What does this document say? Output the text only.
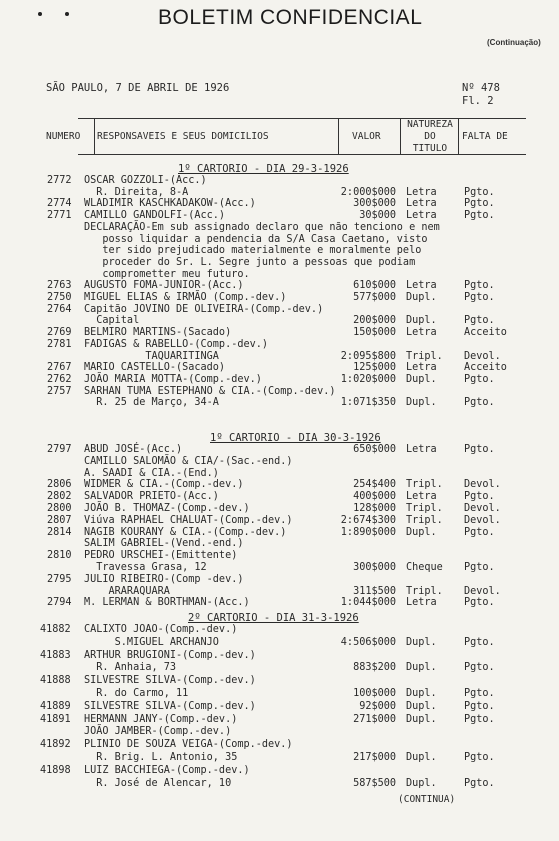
BOLETIM CONFIDENCIAL
(Continuação)
SÃO PAULO, 7 DE ABRIL DE 1926	Nº 478
Fl. 2
NUMERO RESPONSAVEIS E SEUS DOMICILIOS	VALOR
NATUREZA
DO
TITULO
FALTA DE
1º CARTORIO - DIA 29-3-1926
2772 OSCAR GOZZOLI-(Acc.)
R. Direita, 8-A	2:000$000 Letra	Pgto.
2774 WLADIMIR KASCHKADAKOW-(Acc.)	300$000 Letra	Pgto.
2771 CAMILLO GANDOLFI-(Acc.)	30$000 Letra	Pgto.
DECLARAÇÃO-Em sub assignado declaro que não tenciono e nem
posso liquidar a pendencia da S/A Casa Caetano, visto
ter sido prejudicado materialmente e moralmente pelo
proceder do Sr. L. Segre junto a pessoas que podiam
comprometter meu futuro.
2763 AUGUSTO FOMA-JUNIOR-(Acc.)	610$000 Letra	Pgto.
2750 MIGUEL ELIAS & IRMÃO (Comp.-dev.)	577$000 Dupl.	Pgto.
2764 Capitão JOVINO DE OLIVEIRA-(Comp.-dev.)
Capital	200$000 Dupl.	Pgto.
2769 BELMIRO MARTINS-(Sacado)	150$000 Letra	Acceito
2781 FADIGAS & RABELLO-(Comp.-dev.)
TAQUARITINGA	2:095$800 Tripl. Devol.
2767 MARIO CASTELLO-(Sacado)	125$000 Letra	Acceito
2762 JOÃO MARIA MOTTA-(Comp.-dev.)	1:020$000 Dupl.	Pgto.
2757 SARHAN TUMA ESTEPHANO & CIA.-(Comp.-dev.)
R. 25 de Março, 34-A	1:071$350 Dupl.	Pgto.
1º CARTORIO - DIA 30-3-1926
2797 ABUD JOSÉ-(Acc.)	650$000 Letra	Pgto.
CAMILLO SALOMÃO & CIA/-(Sac.-end.)
A. SAADI & CIA.-(End.)
2806 WIDMER & CIA.-(Comp.-dev.)	254$400 Tripl. Devol.
2802 SALVADOR PRIETO-(Acc.)	400$000 Letra	Pgto.
2800 JOÃO B. THOMAZ-(Comp.-dev.)	128$000 Tripl. Devol.
2807 Viúva RAPHAEL CHALUAT-(Comp.-dev.)	2:674$300 Tripl. Devol.
2814 NAGIB KOURANY & CIA.-(Comp.-dev.)	1:890$000 Dupl.	Pgto.
SALIM GABRIEL-(Vend.-end.)
2810 PEDRO URSCHEI-(Emittente)
Travessa Grasa, 12	300$000 Cheque Pgto.
2795 JULIO RIBEIRO-(Comp -dev.)
ARARAQUARA	311$500 Tripl. Devol.
2794 M. LERMAN & BORTHMAN-(Acc.)	1:044$000 Letra	Pgto.
2º CARTORIO - DIA 31-3-1926
41882 CALIXTO JOAO-(Comp.-dev.)
S.MIGUEL ARCHANJO	4:506$000 Dupl.	Pgto.
41883 ARTHUR BRUGIONI-(Comp.-dev.)
R. Anhaia, 73	883$200 Dupl.	Pgto.
41888 SILVESTRE SILVA-(Comp.-dev.)
R. do Carmo, 11	100$000 Dupl.	Pgto.
41889 SILVESTRE SILVA-(Comp.-dev.)	92$000 Dupl.	Pgto.
41891 HERMANN JANY-(Comp.-dev.)	271$000 Dupl.	Pgto.
JOÃO JAMBER-(Comp.-dev.)
41892 PLINIO DE SOUZA VEIGA-(Comp.-dev.)
R. Brig. L. Antonio, 35	217$000 Dupl.	Pgto.
41898 LUIZ BACCHIEGA-(Comp.-dev.)
R. José de Alencar, 10	587$500 Dupl.	Pgto.
(CONTINUA)
